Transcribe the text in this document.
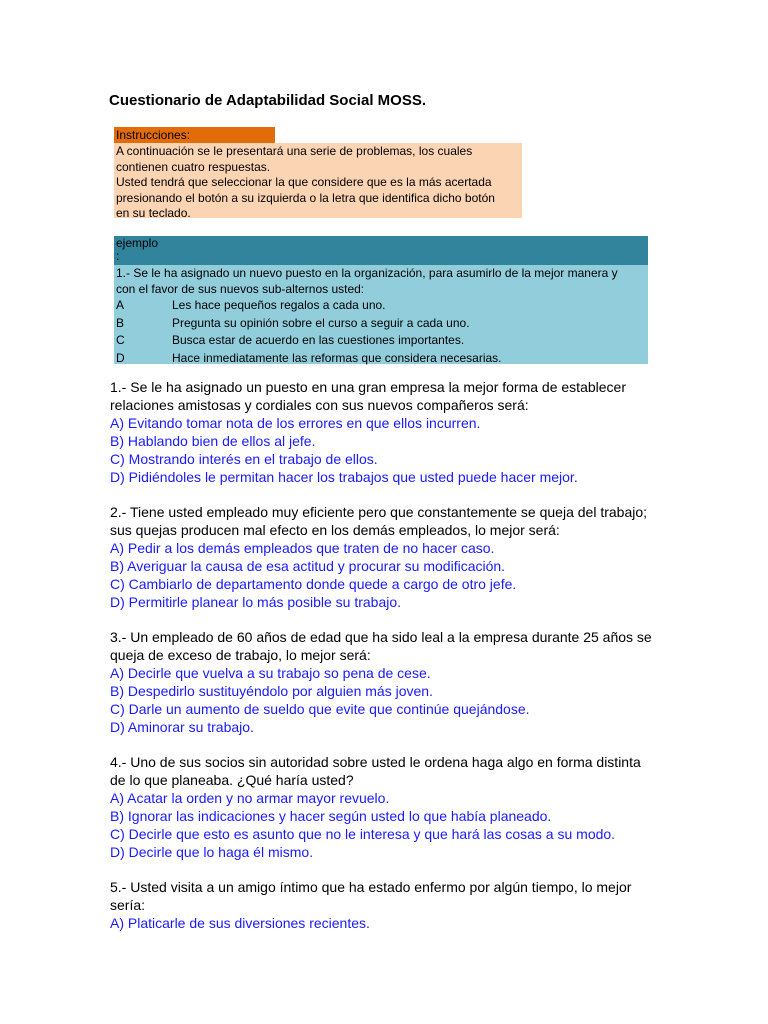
Cuestionario de Adaptabilidad Social MOSS.
Instrucciones:
A continuación se le presentará una serie de problemas, los cuales
contienen cuatro respuestas.
Usted tendrá que seleccionar la que considere que es la más acertada
presionando el botón a su izquierda o la letra que identifica dicho botón
en su teclado.
ejemplo
:
1.- Se le ha asignado un nuevo puesto en la organización, para asumirlo de la mejor manera y
con el favor de sus nuevos sub-alternos usted:
A	Les hace pequeños regalos a cada uno.
B	Pregunta su opinión sobre el curso a seguir a cada uno.
C	Busca estar de acuerdo en las cuestiones importantes.
D	Hace inmediatamente las reformas que considera necesarias.
1.- Se le ha asignado un puesto en una gran empresa la mejor forma de establecer
relaciones amistosas y cordiales con sus nuevos compañeros será:
A) Evitando tomar nota de los errores en que ellos incurren.
B) Hablando bien de ellos al jefe.
C) Mostrando interés en el trabajo de ellos.
D) Pidiéndoles le permitan hacer los trabajos que usted puede hacer mejor.
2.- Tiene usted empleado muy eficiente pero que constantemente se queja del trabajo;
sus quejas producen mal efecto en los demás empleados, lo mejor será:
A) Pedir a los demás empleados que traten de no hacer caso.
B) Averiguar la causa de esa actitud y procurar su modificación.
C) Cambiarlo de departamento donde quede a cargo de otro jefe.
D) Permitirle planear lo más posible su trabajo.
3.- Un empleado de 60 años de edad que ha sido leal a la empresa durante 25 años se
queja de exceso de trabajo, lo mejor será:
A) Decirle que vuelva a su trabajo so pena de cese.
B) Despedirlo sustituyéndolo por alguien más joven.
C) Darle un aumento de sueldo que evite que continúe quejándose.
D) Aminorar su trabajo.
4.- Uno de sus socios sin autoridad sobre usted le ordena haga algo en forma distinta
de lo que planeaba. ¿Qué haría usted?
A) Acatar la orden y no armar mayor revuelo.
B) Ignorar las indicaciones y hacer según usted lo que había planeado.
C) Decirle que esto es asunto que no le interesa y que hará las cosas a su modo.
D) Decirle que lo haga él mismo.
5.- Usted visita a un amigo íntimo que ha estado enfermo por algún tiempo, lo mejor
sería:
A) Platicarle de sus diversiones recientes.
